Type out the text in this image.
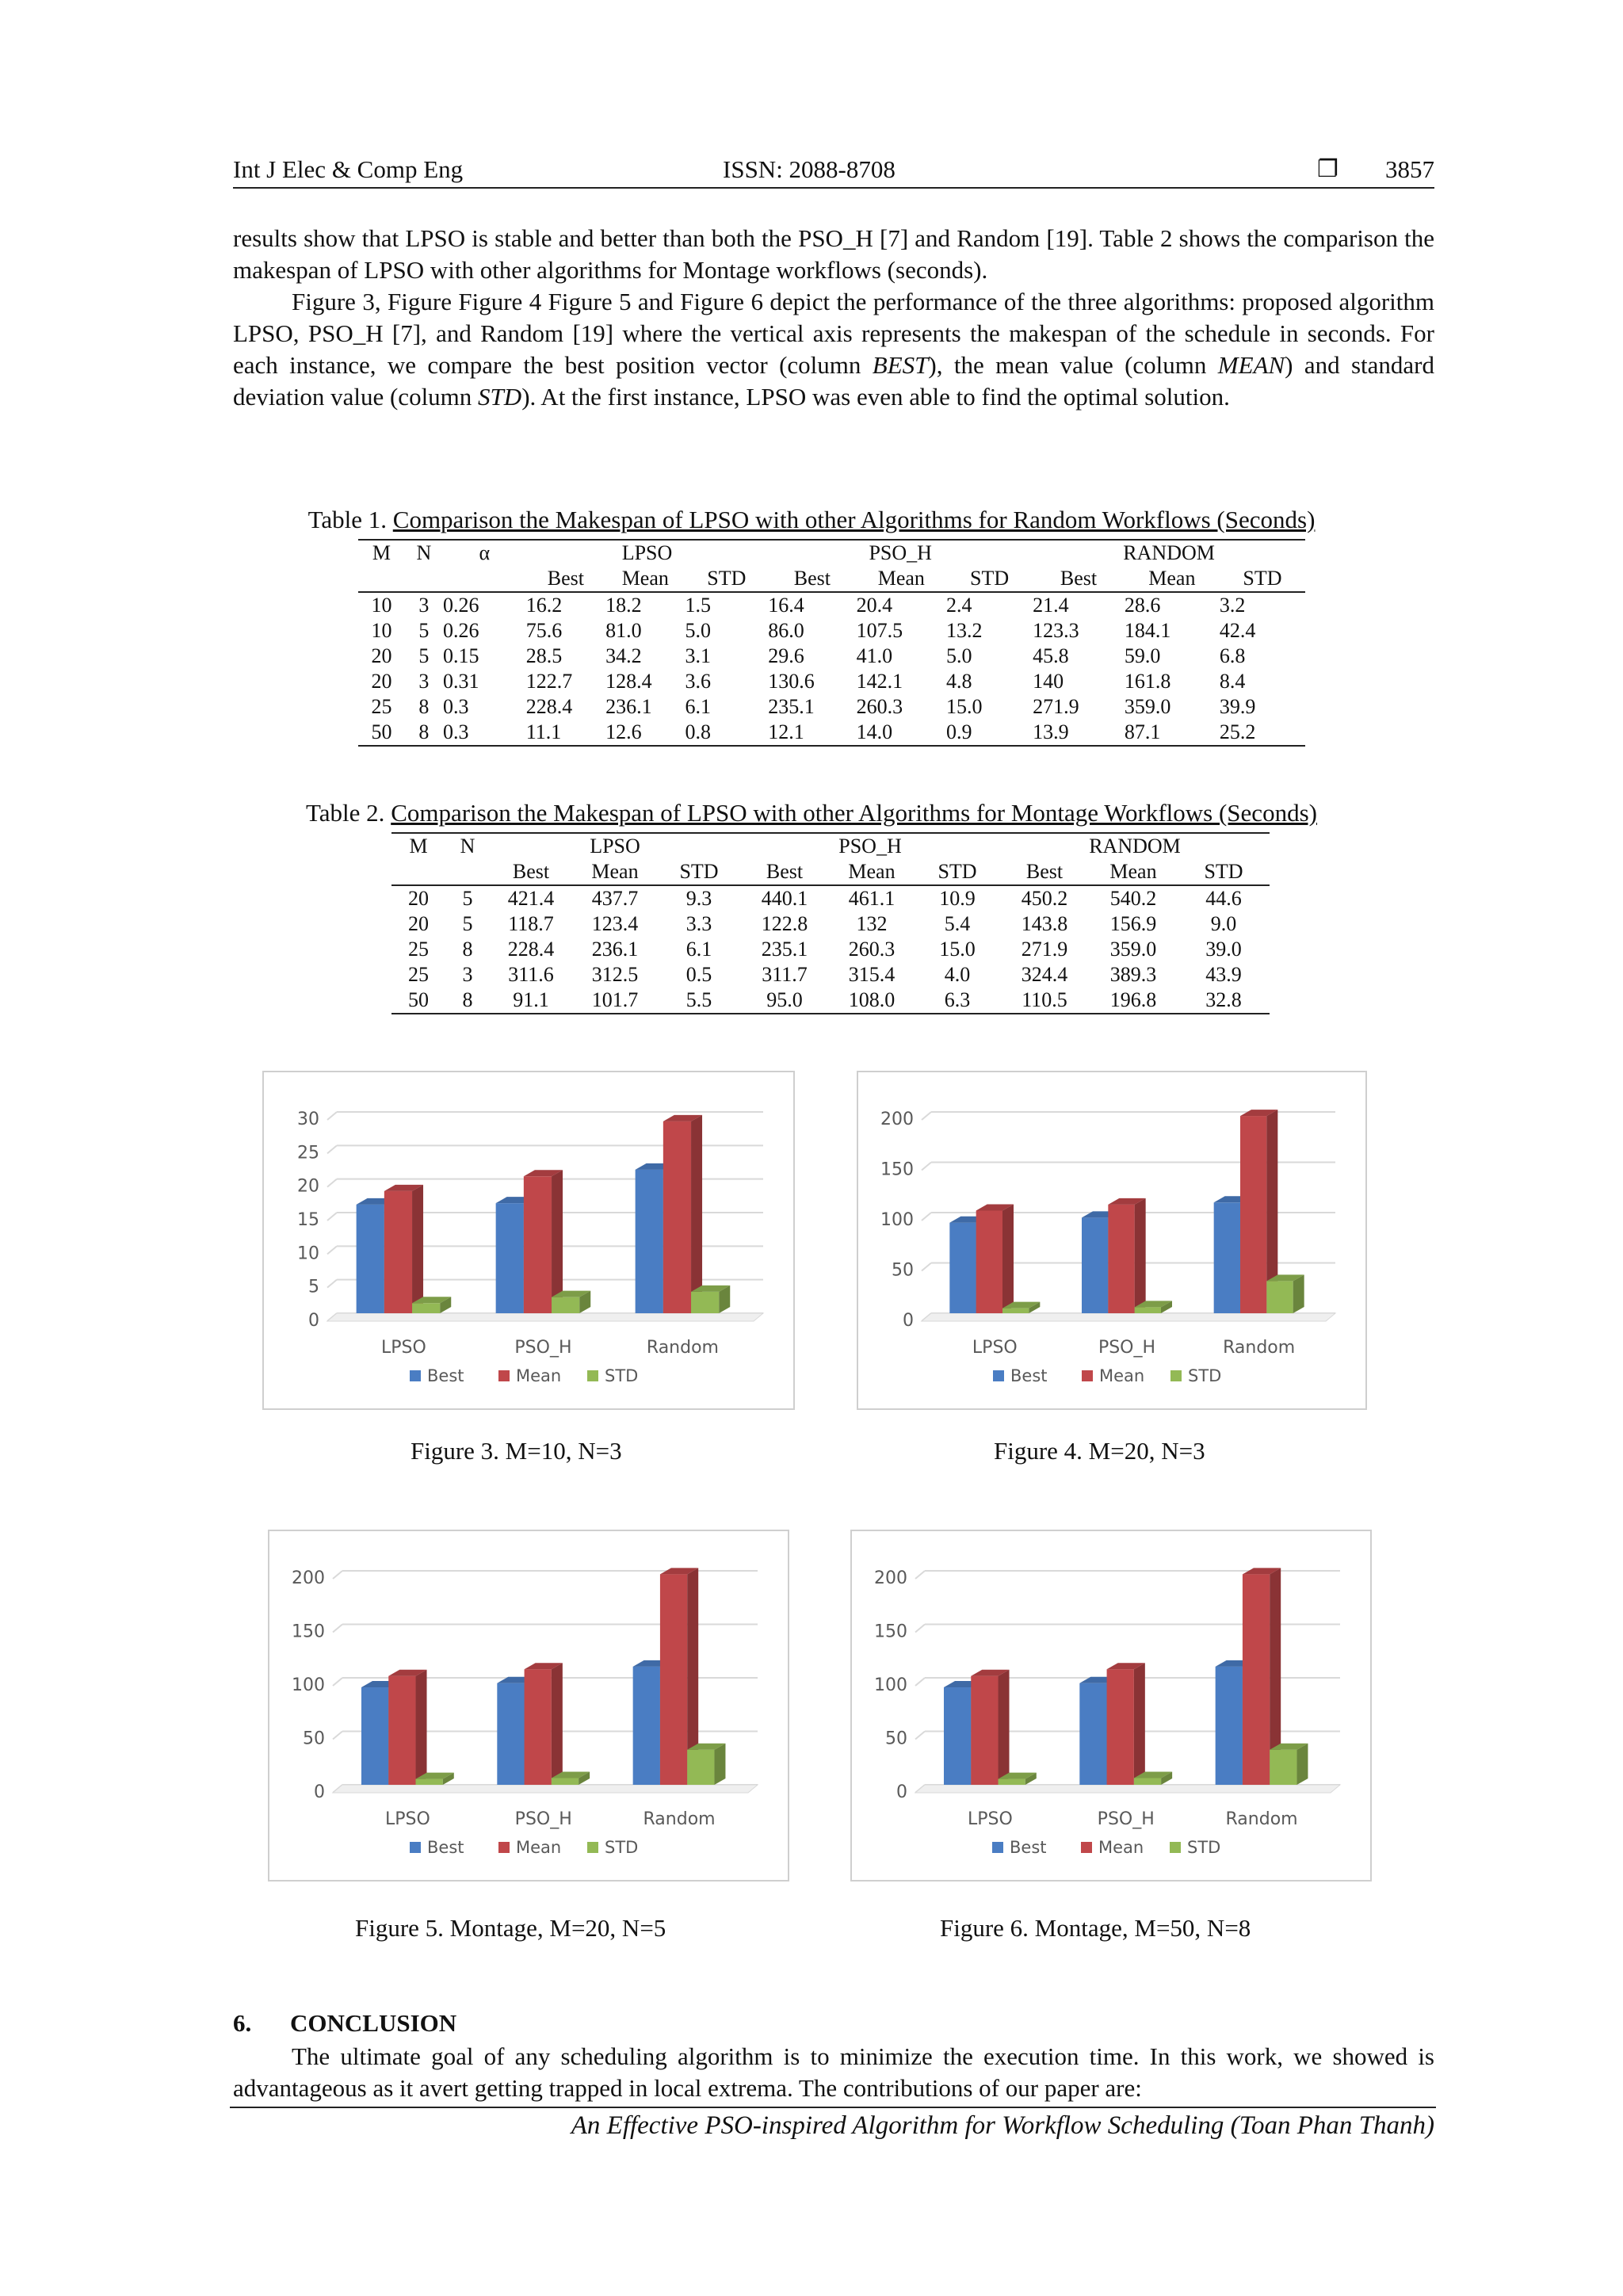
Int J Elec & Comp Eng	ISSN: 2088-8708	❐ 3857

results show that LPSO is stable and better than both the PSO_H [7] and Random [19]. Table 2 shows the comparison the makespan of LPSO with other algorithms for Montage workflows (seconds).

Figure 3, Figure Figure 4 Figure 5 and Figure 6 depict the performance of the three algorithms: proposed algorithm LPSO, PSO_H [7], and Random [19] where the vertical axis represents the makespan of the schedule in seconds. For each instance, we compare the best position vector (column BEST), the mean value (column MEAN) and standard deviation value (column STD). At the first instance, LPSO was even able to find the optimal solution.

Table 1. Comparison the Makespan of LPSO with other Algorithms for Random Workflows (Seconds)
M	N	α	LPSO			PSO_H			RANDOM		
			Best	Mean	STD	Best	Mean	STD	Best	Mean	STD
10	3	0.26	16.2	18.2	1.5	16.4	20.4	2.4	21.4	28.6	3.2
10	5	0.26	75.6	81.0	5.0	86.0	107.5	13.2	123.3	184.1	42.4
20	5	0.15	28.5	34.2	3.1	29.6	41.0	5.0	45.8	59.0	6.8
20	3	0.31	122.7	128.4	3.6	130.6	142.1	4.8	140	161.8	8.4
25	8	0.3	228.4	236.1	6.1	235.1	260.3	15.0	271.9	359.0	39.9
50	8	0.3	11.1	12.6	0.8	12.1	14.0	0.9	13.9	87.1	25.2
Table 2. Comparison the Makespan of LPSO with other Algorithms for Montage Workflows (Seconds)
M	N	LPSO			PSO_H			RANDOM		
		Best	Mean	STD	Best	Mean	STD	Best	Mean	STD
20	5	421.4	437.7	9.3	440.1	461.1	10.9	450.2	540.2	44.6
20	5	118.7	123.4	3.3	122.8	132	5.4	143.8	156.9	9.0
25	8	228.4	236.1	6.1	235.1	260.3	15.0	271.9	359.0	39.0
25	3	311.6	312.5	0.5	311.7	315.4	4.0	324.4	389.3	43.9
50	8	91.1	101.7	5.5	95.0	108.0	6.3	110.5	196.8	32.8
0
5
10
15
20
25
30
LPSO	PSO_H	Random
Best	Mean	STD
0
50
100
150
200
LPSO	PSO_H	Random
Best	Mean	STD
0
50
100
150
200
LPSO	PSO_H	Random
Best	Mean	STD
0
50
100
150
200
LPSO	PSO_H	Random
Best	Mean	STD
Figure 3. M=10, N=3	Figure 4. M=20, N=3
Figure 5. Montage, M=20, N=5	Figure 6. Montage, M=50, N=8
6. CONCLUSION

The ultimate goal of any scheduling algorithm is to minimize the execution time. In this work, we showed is advantageous as it avert getting trapped in local extrema. The contributions of our paper are:

An Effective PSO-inspired Algorithm for Workflow Scheduling (Toan Phan Thanh)
